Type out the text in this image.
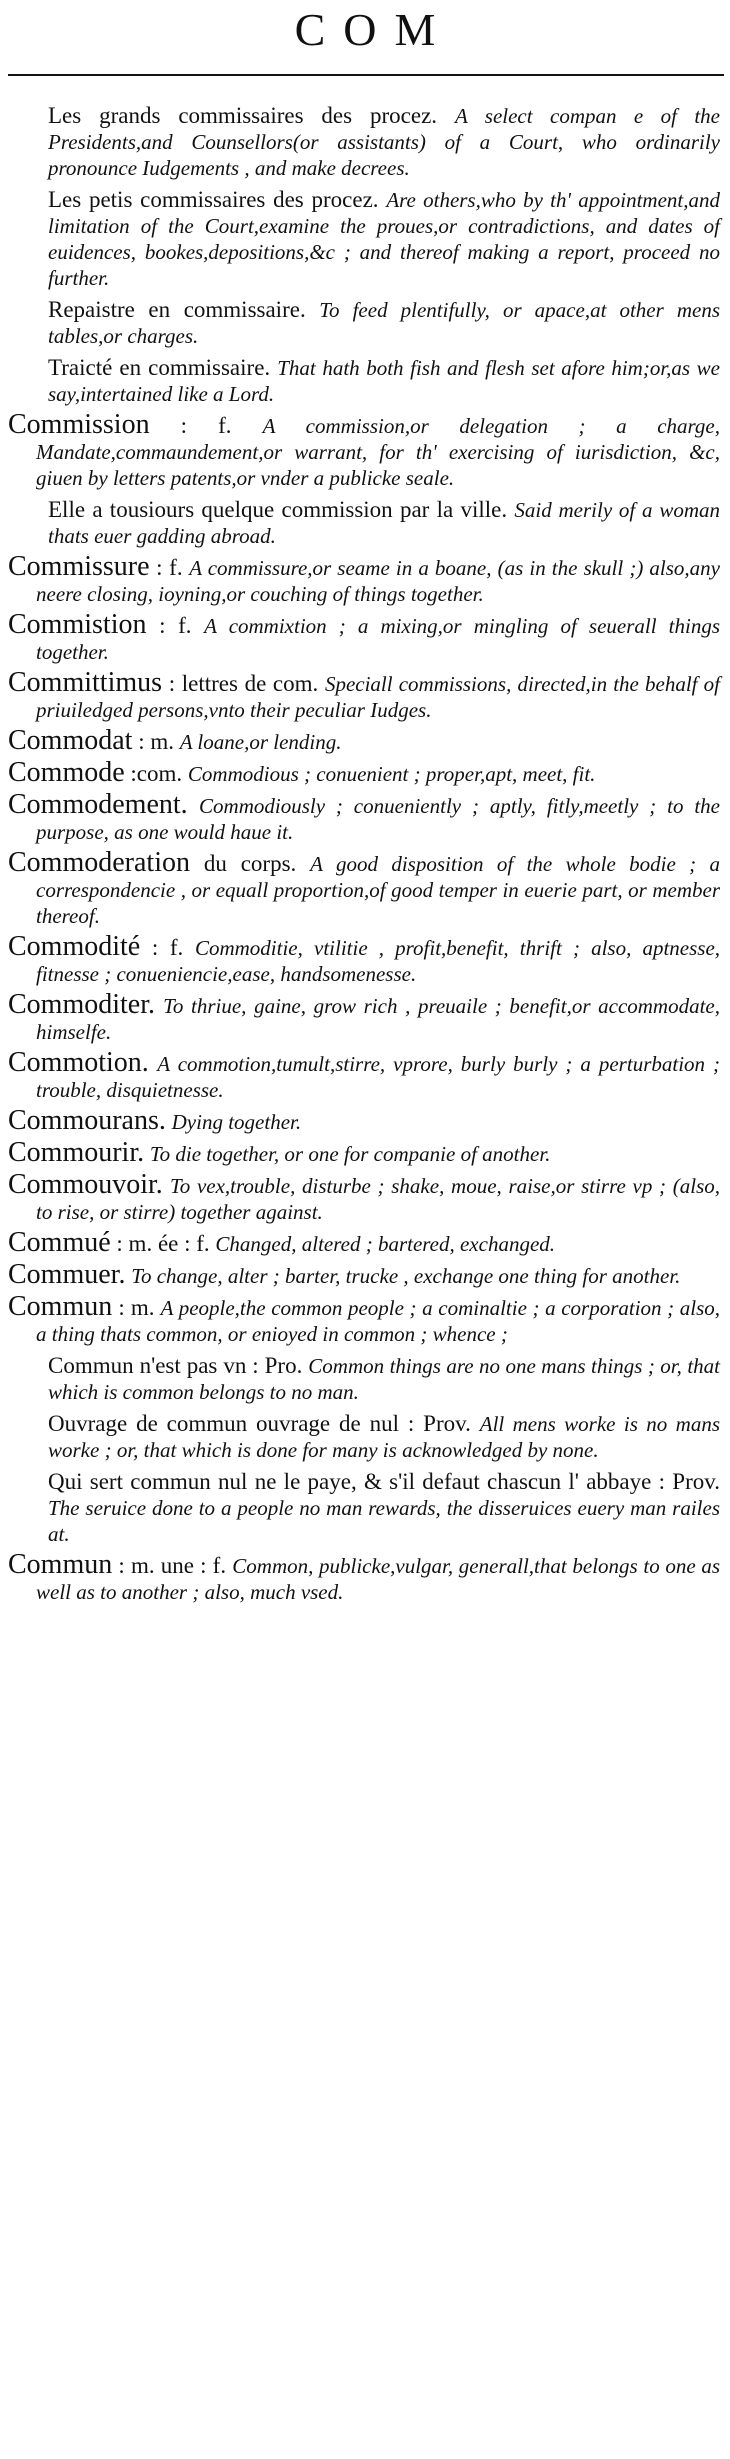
COM
Les grands commissaires des procez. A select compan e of the Presidents,and Counsellors(or assistants) of a Court, who ordinarily pronounce Iudgements , and make decrees.
Les petis commissaires des procez. Are others,who by th' appointment,and limitation of the Court,examine the proues,or contradictions, and dates of euidences, bookes,depositions,&c ; and thereof making a report, proceed no further.
Repaistre en commissaire. To feed plentifully, or apace,at other mens tables,or charges.
Traicté en commissaire. That hath both fish and flesh set afore him;or,as we say,intertained like a Lord.
Commission : f. A commission,or delegation ; a charge, Mandate,commaundement,or warrant, for th' exercising of iurisdiction, &c, giuen by letters patents,or vnder a publicke seale.
Elle a tousiours quelque commission par la ville. Said merily of a woman thats euer gadding abroad.
Commissure : f. A commissure,or seame in a boane, (as in the skull ;) also,any neere closing, ioyning,or couching of things together.
Commistion : f. A commixtion ; a mixing,or mingling of seuerall things together.
Committimus : lettres de com. Speciall commissions, directed,in the behalf of priuiledged persons,vnto their peculiar Iudges.
Commodat : m. A loane,or lending.
Commode :com. Commodious ; conuenient ; proper,apt, meet, fit.
Commodement. Commodiously ; conueniently ; aptly, fitly,meetly ; to the purpose, as one would haue it.
Commoderation du corps. A good disposition of the whole bodie ; a correspondencie , or equall proportion,of good temper in euerie part, or member thereof.
Commodité : f. Commoditie, vtilitie , profit,benefit, thrift ; also, aptnesse, fitnesse ; conueniencie,ease, handsomenesse.
Commoditer. To thriue, gaine, grow rich , preuaile ; benefit,or accommodate, himselfe.
Commotion. A commotion,tumult,stirre, vprore, burly burly ; a perturbation ; trouble, disquietnesse.
Commourans. Dying together.
Commourir. To die together, or one for companie of another.
Commouvoir. To vex,trouble, disturbe ; shake, moue, raise,or stirre vp ; (also, to rise, or stirre) together against.
Commué : m. ée : f. Changed, altered ; bartered, exchanged.
Commuer. To change, alter ; barter, trucke , exchange one thing for another.
Commun : m. A people,the common people ; a cominaltie ; a corporation ; also, a thing thats common, or enioyed in common ; whence ;
Commun n'est pas vn : Pro. Common things are no one mans things ; or, that which is common belongs to no man.
Ouvrage de commun ouvrage de nul : Prov. All mens worke is no mans worke ; or, that which is done for many is acknowledged by none.
Qui sert commun nul ne le paye, & s'il defaut chascun l' abbaye : Prov. The seruice done to a people no man rewards, the disseruices euery man railes at.
Commun : m. une : f. Common, publicke,vulgar, generall,that belongs to one as well as to another ; also, much vsed.
